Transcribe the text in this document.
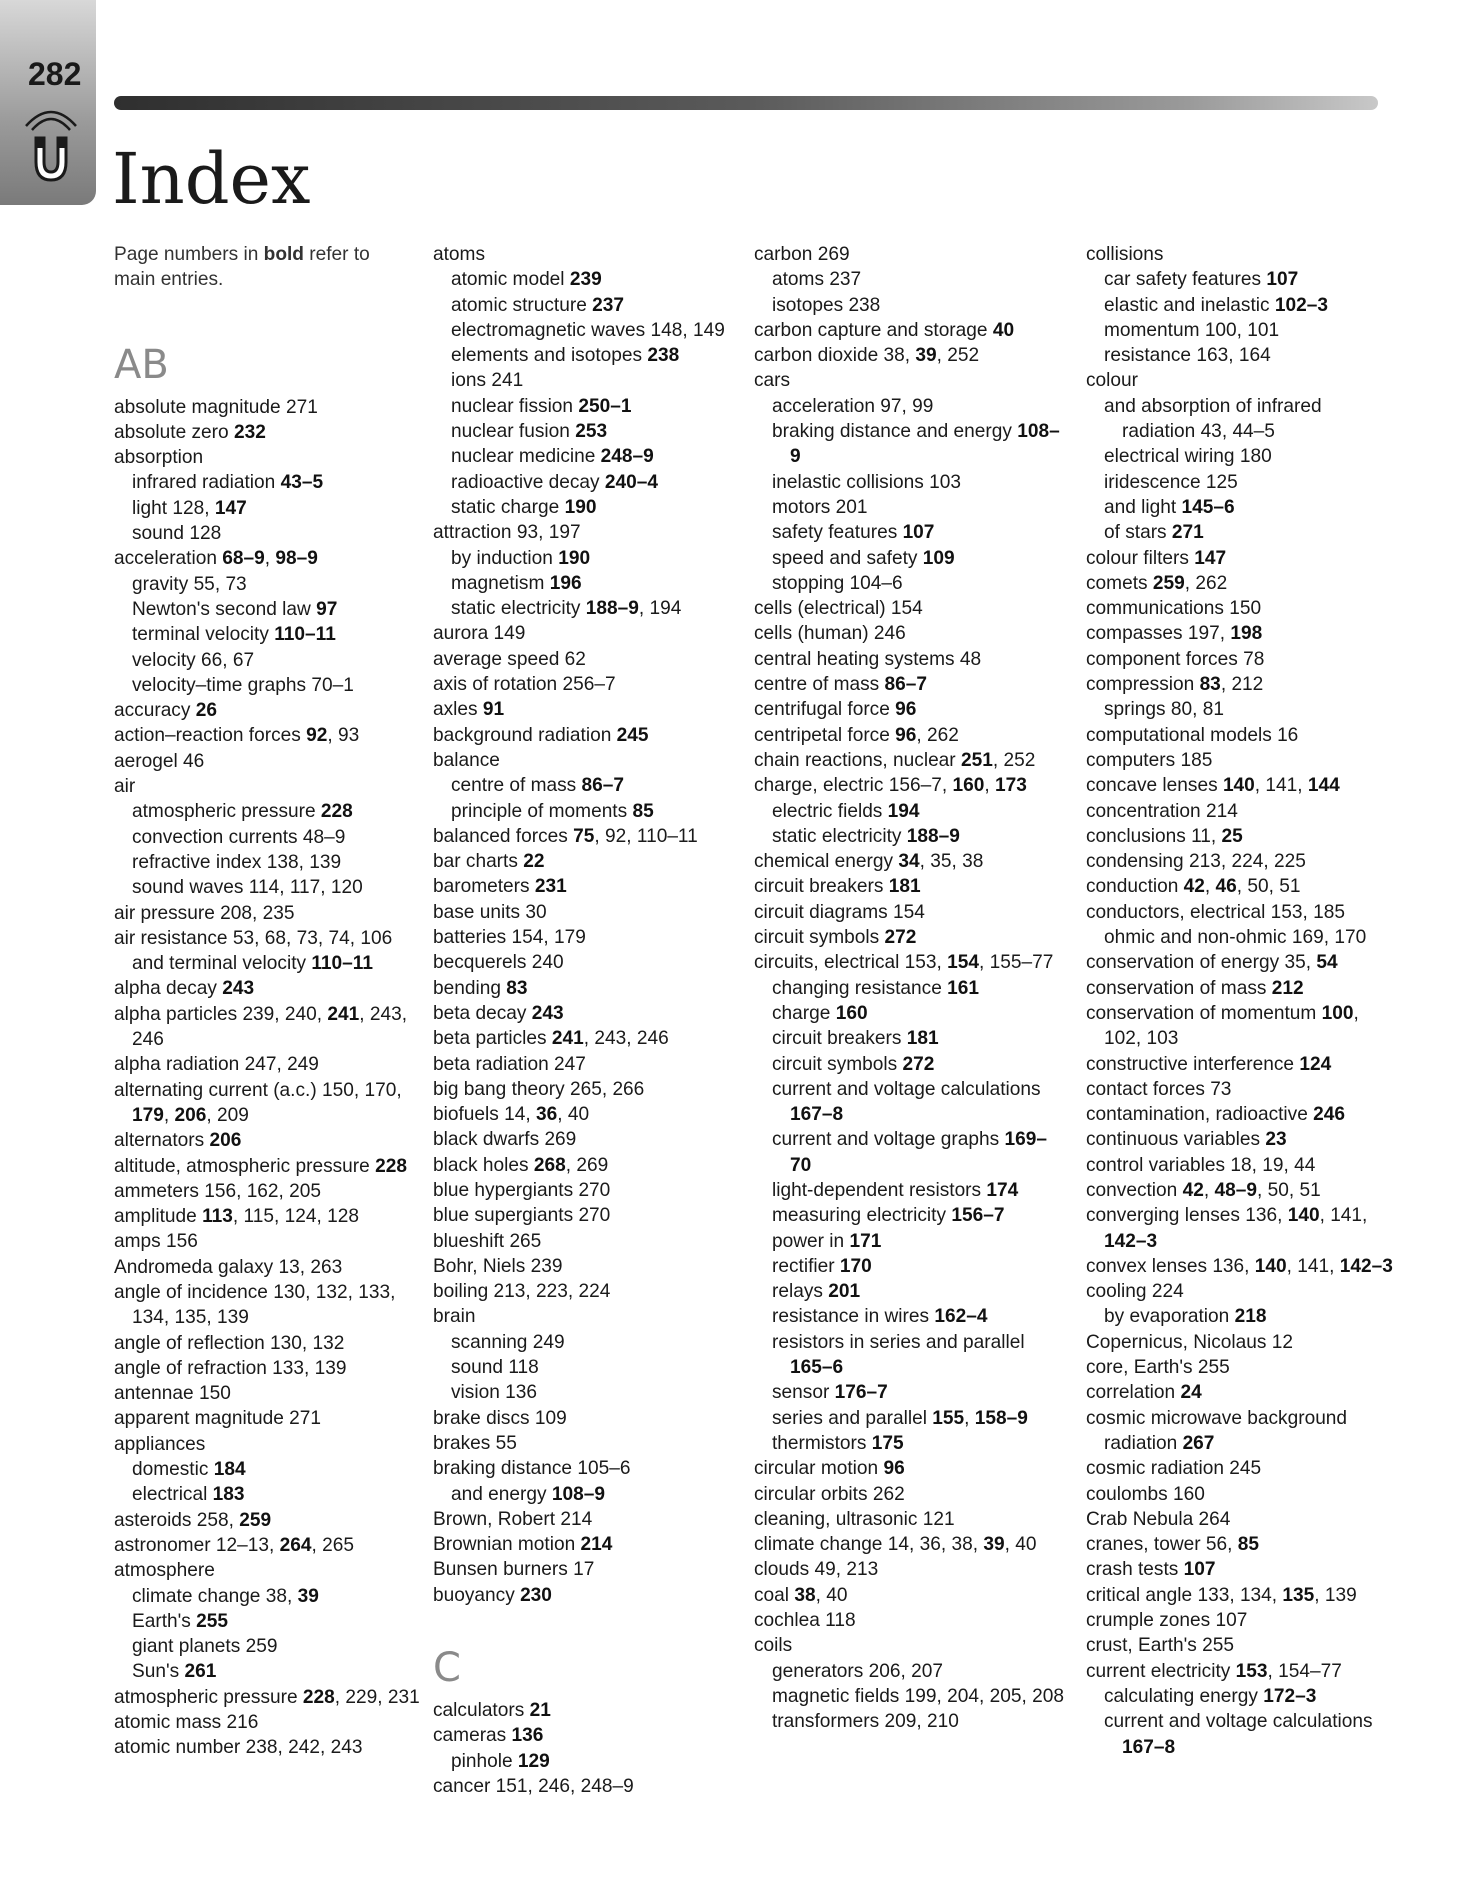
282
Index

Page numbers in bold refer to main entries.

AB
absolute magnitude 271
absolute zero 232
absorption
infrared radiation 43–5
light 128, 147
sound 128
acceleration 68–9, 98–9
gravity 55, 73
Newton's second law 97
terminal velocity 110–11
velocity 66, 67
velocity–time graphs 70–1
accuracy 26
action–reaction forces 92, 93
aerogel 46
air
atmospheric pressure 228
convection currents 48–9
refractive index 138, 139
sound waves 114, 117, 120
air pressure 208, 235
air resistance 53, 68, 73, 74, 106
and terminal velocity 110–11
alpha decay 243
alpha particles 239, 240, 241, 243, 246
alpha radiation 247, 249
alternating current (a.c.) 150, 170, 179, 206, 209
alternators 206
altitude, atmospheric pressure 228
ammeters 156, 162, 205
amplitude 113, 115, 124, 128
amps 156
Andromeda galaxy 13, 263
angle of incidence 130, 132, 133, 134, 135, 139
angle of reflection 130, 132
angle of refraction 133, 139
antennae 150
apparent magnitude 271
appliances
domestic 184
electrical 183
asteroids 258, 259
astronomer 12–13, 264, 265
atmosphere
climate change 38, 39
Earth's 255
giant planets 259
Sun's 261
atmospheric pressure 228, 229, 231
atomic mass 216
atomic number 238, 242, 243
atoms
atomic model 239
atomic structure 237
electromagnetic waves 148, 149
elements and isotopes 238
ions 241
nuclear fission 250–1
nuclear fusion 253
nuclear medicine 248–9
radioactive decay 240–4
static charge 190
attraction 93, 197
by induction 190
magnetism 196
static electricity 188–9, 194
aurora 149
average speed 62
axis of rotation 256–7
axles 91
background radiation 245
balance
centre of mass 86–7
principle of moments 85
balanced forces 75, 92, 110–11
bar charts 22
barometers 231
base units 30
batteries 154, 179
becquerels 240
bending 83
beta decay 243
beta particles 241, 243, 246
beta radiation 247
big bang theory 265, 266
biofuels 14, 36, 40
black dwarfs 269
black holes 268, 269
blue hypergiants 270
blue supergiants 270
blueshift 265
Bohr, Niels 239
boiling 213, 223, 224
brain
scanning 249
sound 118
vision 136
brake discs 109
brakes 55
braking distance 105–6
and energy 108–9
Brown, Robert 214
Brownian motion 214
Bunsen burners 17
buoyancy 230
C
calculators 21
cameras 136
pinhole 129
cancer 151, 246, 248–9
carbon 269
atoms 237
isotopes 238
carbon capture and storage 40
carbon dioxide 38, 39, 252
cars
acceleration 97, 99
braking distance and energy 108–9
inelastic collisions 103
motors 201
safety features 107
speed and safety 109
stopping 104–6
cells (electrical) 154
cells (human) 246
central heating systems 48
centre of mass 86–7
centrifugal force 96
centripetal force 96, 262
chain reactions, nuclear 251, 252
charge, electric 156–7, 160, 173
electric fields 194
static electricity 188–9
chemical energy 34, 35, 38
circuit breakers 181
circuit diagrams 154
circuit symbols 272
circuits, electrical 153, 154, 155–77
changing resistance 161
charge 160
circuit breakers 181
circuit symbols 272
current and voltage calculations 167–8
current and voltage graphs 169–70
light-dependent resistors 174
measuring electricity 156–7
power in 171
rectifier 170
relays 201
resistance in wires 162–4
resistors in series and parallel 165–6
sensor 176–7
series and parallel 155, 158–9
thermistors 175
circular motion 96
circular orbits 262
cleaning, ultrasonic 121
climate change 14, 36, 38, 39, 40
clouds 49, 213
coal 38, 40
cochlea 118
coils
generators 206, 207
magnetic fields 199, 204, 205, 208
transformers 209, 210
collisions
car safety features 107
elastic and inelastic 102–3
momentum 100, 101
resistance 163, 164
colour
and absorption of infrared radiation 43, 44–5
electrical wiring 180
iridescence 125
and light 145–6
of stars 271
colour filters 147
comets 259, 262
communications 150
compasses 197, 198
component forces 78
compression 83, 212
springs 80, 81
computational models 16
computers 185
concave lenses 140, 141, 144
concentration 214
conclusions 11, 25
condensing 213, 224, 225
conduction 42, 46, 50, 51
conductors, electrical 153, 185
ohmic and non-ohmic 169, 170
conservation of energy 35, 54
conservation of mass 212
conservation of momentum 100, 102, 103
constructive interference 124
contact forces 73
contamination, radioactive 246
continuous variables 23
control variables 18, 19, 44
convection 42, 48–9, 50, 51
converging lenses 136, 140, 141, 142–3
convex lenses 136, 140, 141, 142–3
cooling 224
by evaporation 218
Copernicus, Nicolaus 12
core, Earth's 255
correlation 24
cosmic microwave background radiation 267
cosmic radiation 245
coulombs 160
Crab Nebula 264
cranes, tower 56, 85
crash tests 107
critical angle 133, 134, 135, 139
crumple zones 107
crust, Earth's 255
current electricity 153, 154–77
calculating energy 172–3
current and voltage calculations 167–8
